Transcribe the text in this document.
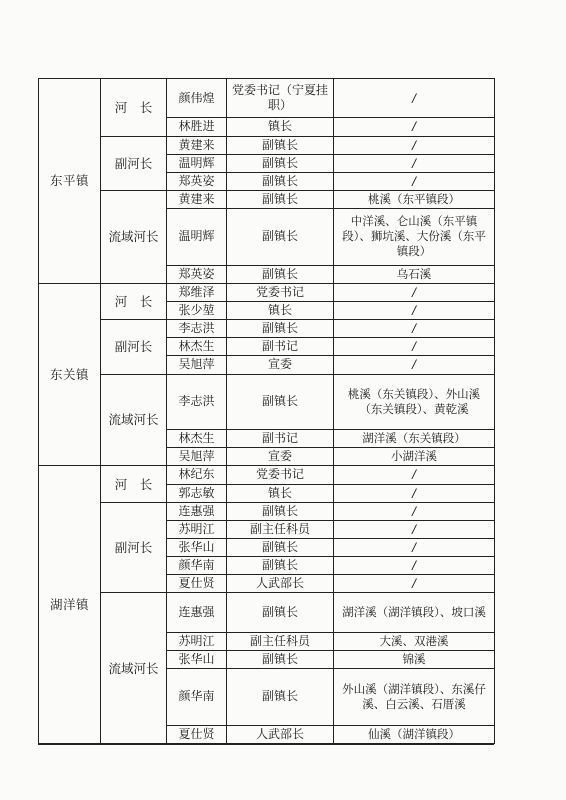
东平镇	河　长	颜伟煌	党委书记（宁夏挂职）	/
		林胜进	镇长	/
	副河长	黄建来	副镇长	/
		温明辉	副镇长	/
		郑英姿	副镇长	/
	流域河长	黄建来	副镇长	桃溪（东平镇段）
		温明辉	副镇长	中洋溪、仑山溪（东平镇段）、狮坑溪、大份溪（东平镇段）
		郑英姿	副镇长	乌石溪
东关镇	河　长	郑维泽	党委书记	/
		张少堃	镇长	/
	副河长	李志洪	副镇长	/
		林杰生	副书记	/
		吴旭萍	宣委	/
	流域河长	李志洪	副镇长	桃溪（东关镇段）、外山溪（东关镇段）、黄乾溪
		林杰生	副书记	湖洋溪（东关镇段）
		吴旭萍	宣委	小湖洋溪
湖洋镇	河　长	林纪东	党委书记	/
		郭志敏	镇长	/
	副河长	连惠强	副镇长	/
		苏明江	副主任科员	/
		张华山	副镇长	/
		颜华南	副镇长	/
		夏仕贤	人武部长	/
	流域河长	连惠强	副镇长	湖洋溪（湖洋镇段）、坡口溪
		苏明江	副主任科员	大溪、双港溪
		张华山	副镇长	锦溪
		颜华南	副镇长	外山溪（湖洋镇段）、东溪仔溪、白云溪、石厝溪
		夏仕贤	人武部长	仙溪（湖洋镇段）
